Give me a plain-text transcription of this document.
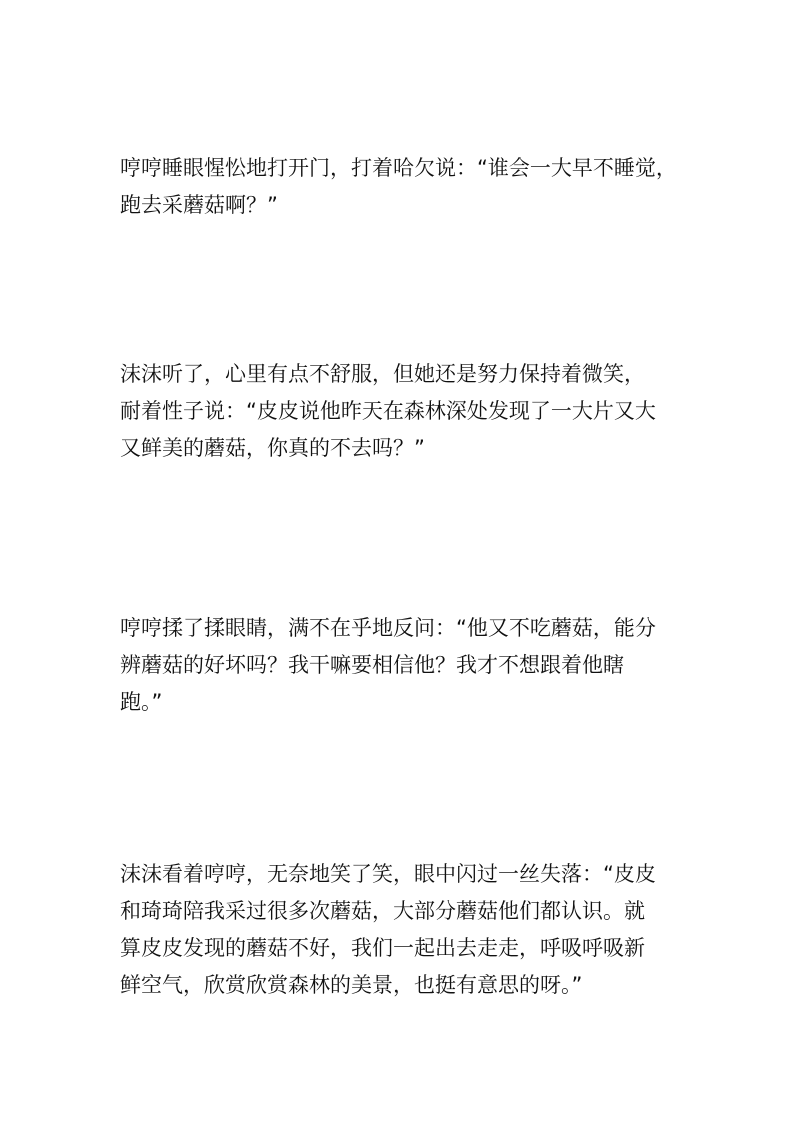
哼哼睡眼惺忪地打开门，打着哈欠说：“谁会一大早不睡觉，
跑去采蘑菇啊？”

沫沫听了，心里有点不舒服，但她还是努力保持着微笑，
耐着性子说：“皮皮说他昨天在森林深处发现了一大片又大
又鲜美的蘑菇，你真的不去吗？”

哼哼揉了揉眼睛，满不在乎地反问：“他又不吃蘑菇，能分
辨蘑菇的好坏吗？我干嘛要相信他？我才不想跟着他瞎
跑。”

沫沫看着哼哼，无奈地笑了笑，眼中闪过一丝失落：“皮皮
和琦琦陪我采过很多次蘑菇，大部分蘑菇他们都认识。就
算皮皮发现的蘑菇不好，我们一起出去走走，呼吸呼吸新
鲜空气，欣赏欣赏森林的美景，也挺有意思的呀。”
